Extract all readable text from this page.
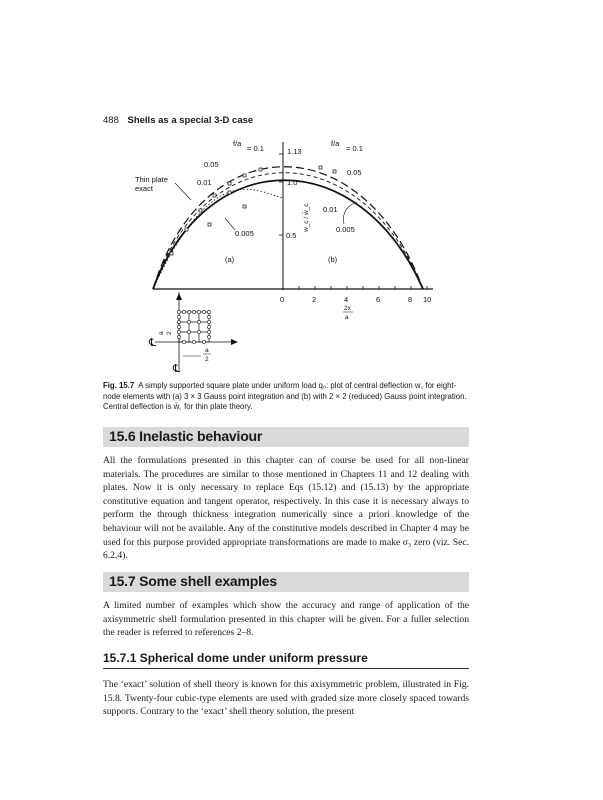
488 Shells as a special 3-D case
f/a
= 0.1
0.05
0.01
Thin plate
exact
0.005
(a)
1.13
1.0
0.5
w_c / w̄_c
f/a
= 0.1
0.05
0.01
0.005
(b)
0	2	4	6	8 10
2x
a
a 2
a
2
℄
℄
Fig. 15.7 A simply supported square plate under uniform load q₀: plot of central deflection w꜀ for eight-node elements with (a) 3 × 3 Gauss point integration and (b) with 2 × 2 (reduced) Gauss point integration. Central deflection is w̄꜀ for thin plate theory.
15.6 Inelastic behaviour
All the formulations presented in this chapter can of course be used for all non-linear materials. The procedures are similar to those mentioned in Chapters 11 and 12 dealing with plates. Now it is only necessary to replace Eqs (15.12) and (15.13) by the appropriate constitutive equation and tangent operator, respectively. In this case it is necessary always to perform the through thickness integration numerically since a priori knowledge of the behaviour will not be available. Any of the constitutive models described in Chapter 4 may be used for this purpose provided appropriate transformations are made to make σ₃ zero (viz. Sec. 6.2.4).
15.7 Some shell examples
A limited number of examples which show the accuracy and range of application of the axisymmetric shell formulation presented in this chapter will be given. For a fuller selection the reader is referred to references 2–8.
15.7.1 Spherical dome under uniform pressure
The ‘exact’ solution of shell theory is known for this axisymmetric problem, illustrated in Fig. 15.8. Twenty-four cubic-type elements are used with graded size more closely spaced towards supports. Contrary to the ‘exact’ shell theory solution, the present
